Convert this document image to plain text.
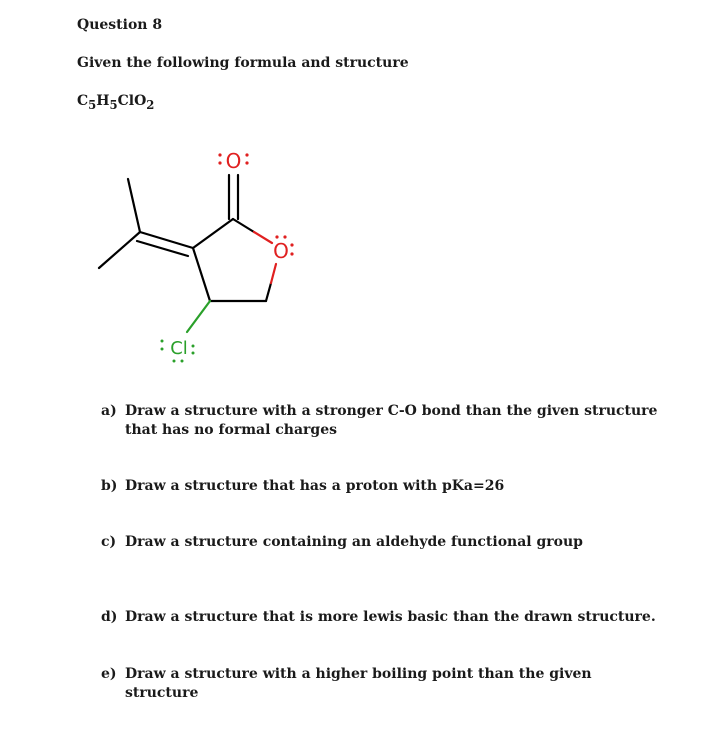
Question 8
Given the following formula and structure
$C_5H_5ClO_2$
O
O
Cl
a) Draw a structure with a stronger C-O bond than the given structure that has no formal charges
b) Draw a structure that has a proton with pKa=26
c) Draw a structure containing an aldehyde functional group
d) Draw a structure that is more lewis basic than the drawn structure.
e) Draw a structure with a higher boiling point than the given structure
